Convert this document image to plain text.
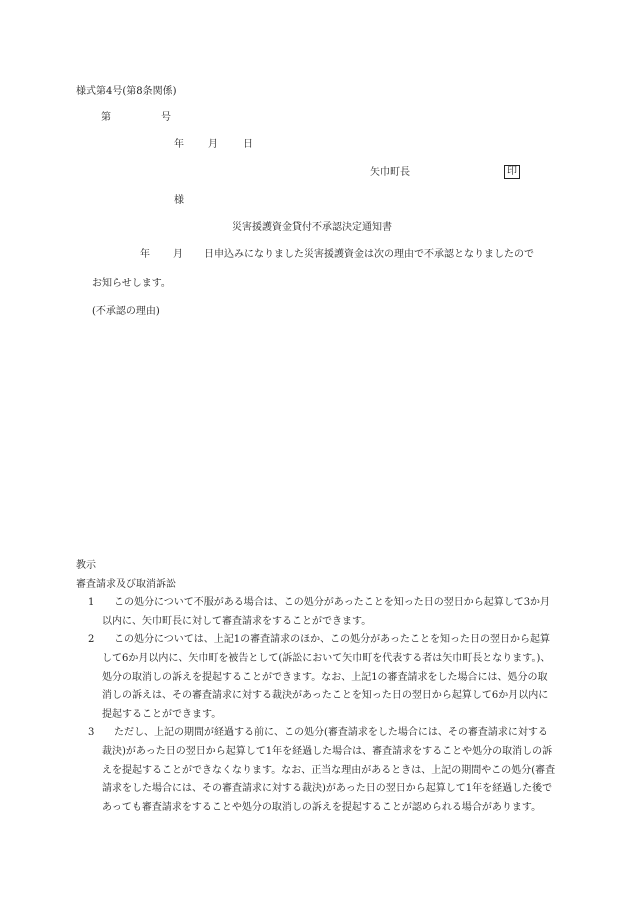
様式第4号(第8条関係)
第	号
年 月	日
矢巾町長	印
様
災害援護資金貸付不承認決定通知書
年 月 日申込みになりました災害援護資金は次の理由で不承認となりましたので
お知らせします。
(不承認の理由)

教示

審査請求及び取消訴訟

1 この処分について不服がある場合は、この処分があったことを知った日の翌日から起算して3か月以内に、矢巾町長に対して審査請求をすることができます。

2 この処分については、上記1の審査請求のほか、この処分があったことを知った日の翌日から起算して6か月以内に、矢巾町を被告として(訴訟において矢巾町を代表する者は矢巾町長となります。)、処分の取消しの訴えを提起することができます。なお、上記1の審査請求をした場合には、処分の取消しの訴えは、その審査請求に対する裁決があったことを知った日の翌日から起算して6か月以内に提起することができます。

3 ただし、上記の期間が経過する前に、この処分(審査請求をした場合には、その審査請求に対する裁決)があった日の翌日から起算して1年を経過した場合は、審査請求をすることや処分の取消しの訴えを提起することができなくなります。なお、正当な理由があるときは、上記の期間やこの処分(審査請求をした場合には、その審査請求に対する裁決)があった日の翌日から起算して1年を経過した後であっても審査請求をすることや処分の取消しの訴えを提起することが認められる場合があります。
